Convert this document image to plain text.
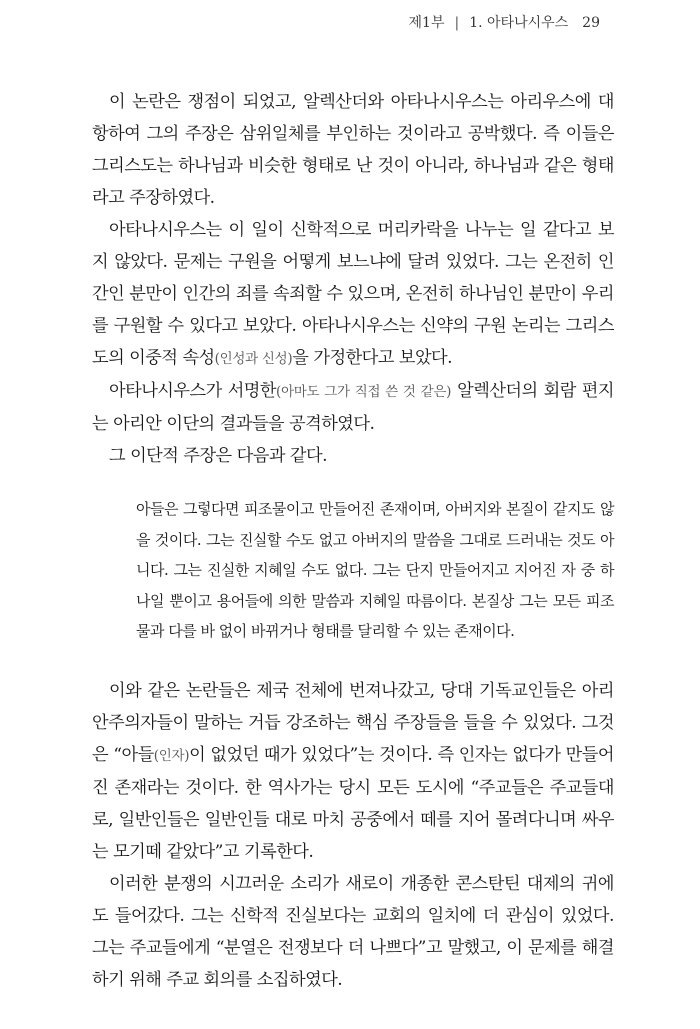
제1부 | 1. 아타나시우스 29

이 논란은 쟁점이 되었고, 알렉산더와 아타나시우스는 아리우스에 대항하여 그의 주장은 삼위일체를 부인하는 것이라고 공박했다. 즉 이들은 그리스도는 하나님과 비슷한 형태로 난 것이 아니라, 하나님과 같은 형태라고 주장하였다.

아타나시우스는 이 일이 신학적으로 머리카락을 나누는 일 같다고 보지 않았다. 문제는 구원을 어떻게 보느냐에 달려 있었다. 그는 온전히 인간인 분만이 인간의 죄를 속죄할 수 있으며, 온전히 하나님인 분만이 우리를 구원할 수 있다고 보았다. 아타나시우스는 신약의 구원 논리는 그리스도의 이중적 속성(인성과 신성)을 가정한다고 보았다.

아타나시우스가 서명한(아마도 그가 직접 쓴 것 같은) 알렉산더의 회람 편지는 아리안 이단의 결과들을 공격하였다.

그 이단적 주장은 다음과 같다.

아들은 그렇다면 피조물이고 만들어진 존재이며, 아버지와 본질이 같지도 않을 것이다. 그는 진실할 수도 없고 아버지의 말씀을 그대로 드러내는 것도 아니다. 그는 진실한 지혜일 수도 없다. 그는 단지 만들어지고 지어진 자 중 하나일 뿐이고 용어들에 의한 말씀과 지혜일 따름이다. 본질상 그는 모든 피조물과 다를 바 없이 바뀌거나 형태를 달리할 수 있는 존재이다.

이와 같은 논란들은 제국 전체에 번져나갔고, 당대 기독교인들은 아리안주의자들이 말하는 거듭 강조하는 핵심 주장들을 들을 수 있었다. 그것은 “아들(인자)이 없었던 때가 있었다”는 것이다. 즉 인자는 없다가 만들어진 존재라는 것이다. 한 역사가는 당시 모든 도시에 “주교들은 주교들대로, 일반인들은 일반인들 대로 마치 공중에서 떼를 지어 몰려다니며 싸우는 모기떼 같았다”고 기록한다.

이러한 분쟁의 시끄러운 소리가 새로이 개종한 콘스탄틴 대제의 귀에도 들어갔다. 그는 신학적 진실보다는 교회의 일치에 더 관심이 있었다. 그는 주교들에게 “분열은 전쟁보다 더 나쁘다”고 말했고, 이 문제를 해결하기 위해 주교 회의를 소집하였다.
